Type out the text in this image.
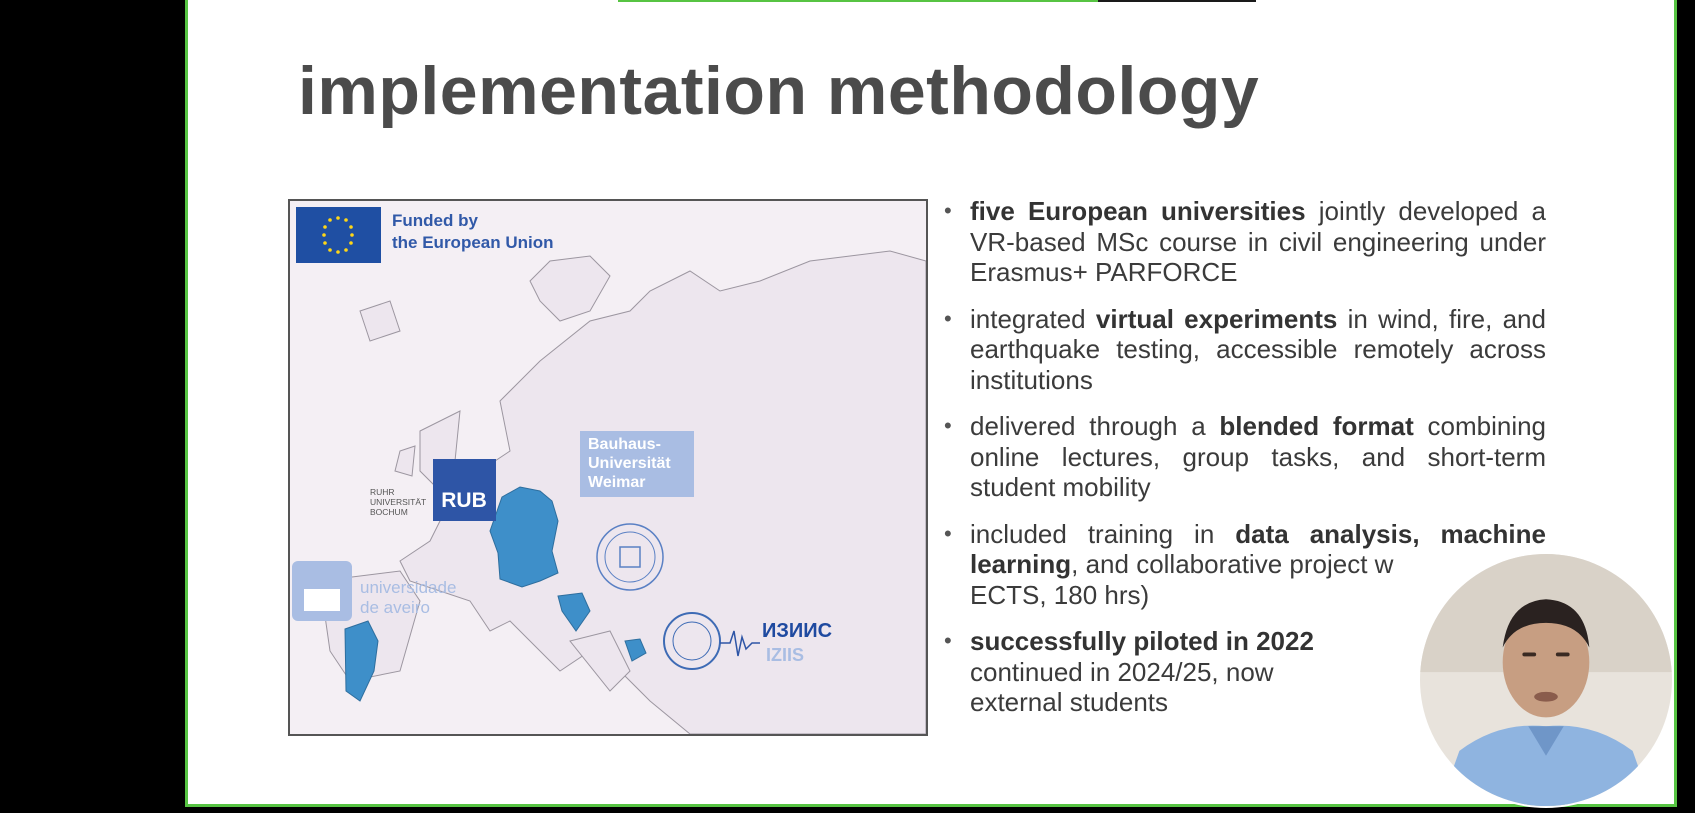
implementation methodology
Funded by
the European Union
RUB
RUHR
UNIVERSITÄT
BOCHUM
Bauhaus-
Universität
Weimar
universidade
de aveiro
ИЗИИС
IZIIS
• five European universities jointly developed a VR-based MSc course in civil engineering under Erasmus+ PARFORCE
• integrated virtual experiments in wind, fire, and earthquake testing, accessible remotely across institutions
• delivered through a blended format combining online lectures, group tasks, and short-term student mobility
• included training in data analysis, machine learning, and collaborative project w
ECTS, 180 hrs)
• successfully piloted in 2022
continued in 2024/25, now
external students
